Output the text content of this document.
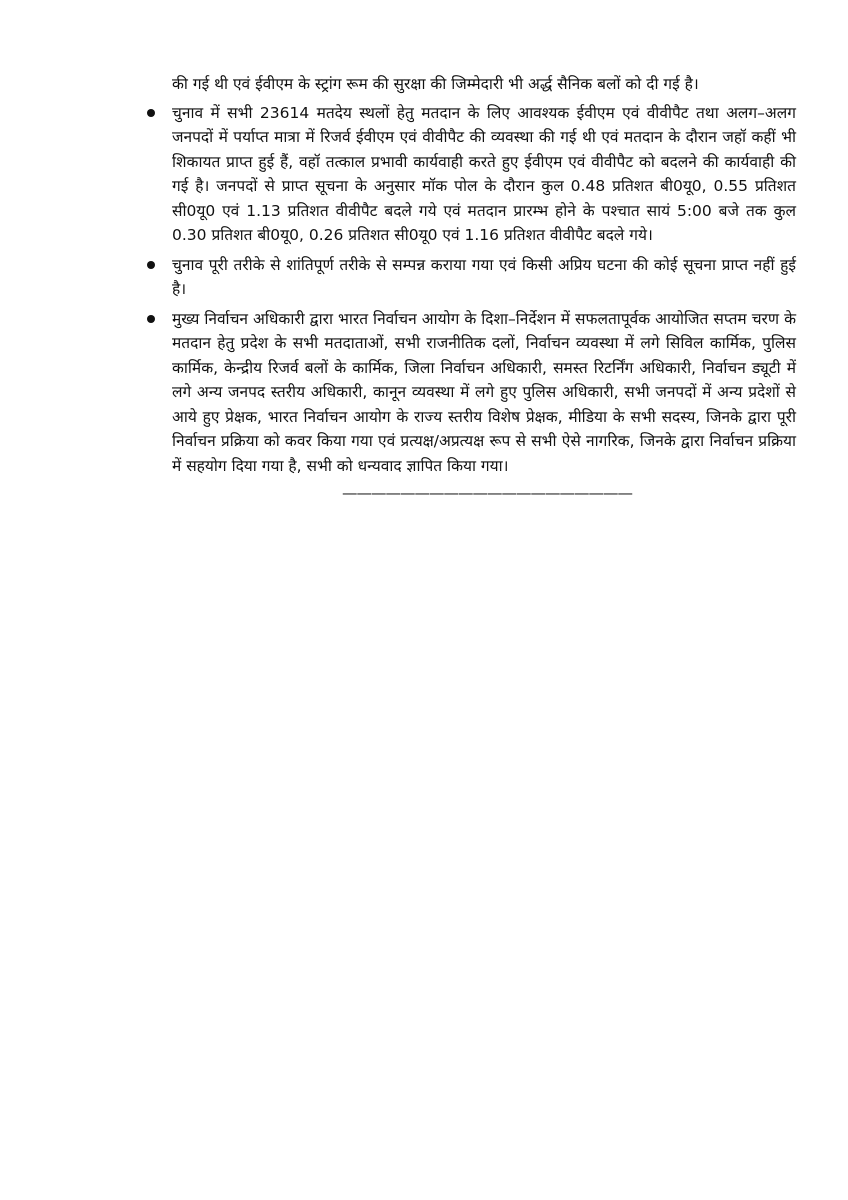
की गई थी एवं ईवीएम के स्ट्रांग रूम की सुरक्षा की जिम्मेदारी भी अर्द्ध सैनिक बलों को दी गई है।

चुनाव में सभी 23614 मतदेय स्थलों हेतु मतदान के लिए आवश्यक ईवीएम एवं वीवीपैट तथा अलग–अलग जनपदों में पर्याप्त मात्रा में रिजर्व ईवीएम एवं वीवीपैट की व्यवस्था की गई थी एवं मतदान के दौरान जहॉ कहीं भी शिकायत प्राप्त हुई हैं, वहॉ तत्काल प्रभावी कार्यवाही करते हुए ईवीएम एवं वीवीपैट को बदलने की कार्यवाही की गई है। जनपदों से प्राप्त सूचना के अनुसार मॉक पोल के दौरान कुल 0.48 प्रतिशत बी0यू0, 0.55 प्रतिशत सी0यू0 एवं 1.13 प्रतिशत वीवीपैट बदले गये एवं मतदान प्रारम्भ होने के पश्चात सायं 5:00 बजे तक कुल 0.30 प्रतिशत बी0यू0, 0.26 प्रतिशत सी0यू0 एवं 1.16 प्रतिशत वीवीपैट बदले गये।

चुनाव पूरी तरीके से शांतिपूर्ण तरीके से सम्पन्न कराया गया एवं किसी अप्रिय घटना की कोई सूचना प्राप्त नहीं हुई है।

मुख्य निर्वाचन अधिकारी द्वारा भारत निर्वाचन आयोग के दिशा–निर्देशन में सफलतापूर्वक आयोजित सप्तम चरण के मतदान हेतु प्रदेश के सभी मतदाताओं, सभी राजनीतिक दलों, निर्वाचन व्यवस्था में लगे सिविल कार्मिक, पुलिस कार्मिक, केन्द्रीय रिजर्व बलों के कार्मिक, जिला निर्वाचन अधिकारी, समस्त रिटर्निंग अधिकारी, निर्वाचन ड्यूटी में लगे अन्य जनपद स्तरीय अधिकारी, कानून व्यवस्था में लगे हुए पुलिस अधिकारी, सभी जनपदों में अन्य प्रदेशों से आये हुए प्रेक्षक, भारत निर्वाचन आयोग के राज्य स्तरीय विशेष प्रेक्षक, मीडिया के सभी सदस्य, जिनके द्वारा पूरी निर्वाचन प्रक्रिया को कवर किया गया एवं प्रत्यक्ष/अप्रत्यक्ष रूप से सभी ऐसे नागरिक, जिनके द्वारा निर्वाचन प्रक्रिया में सहयोग दिया गया है, सभी को धन्यवाद ज्ञापित किया गया।

————————————————————
